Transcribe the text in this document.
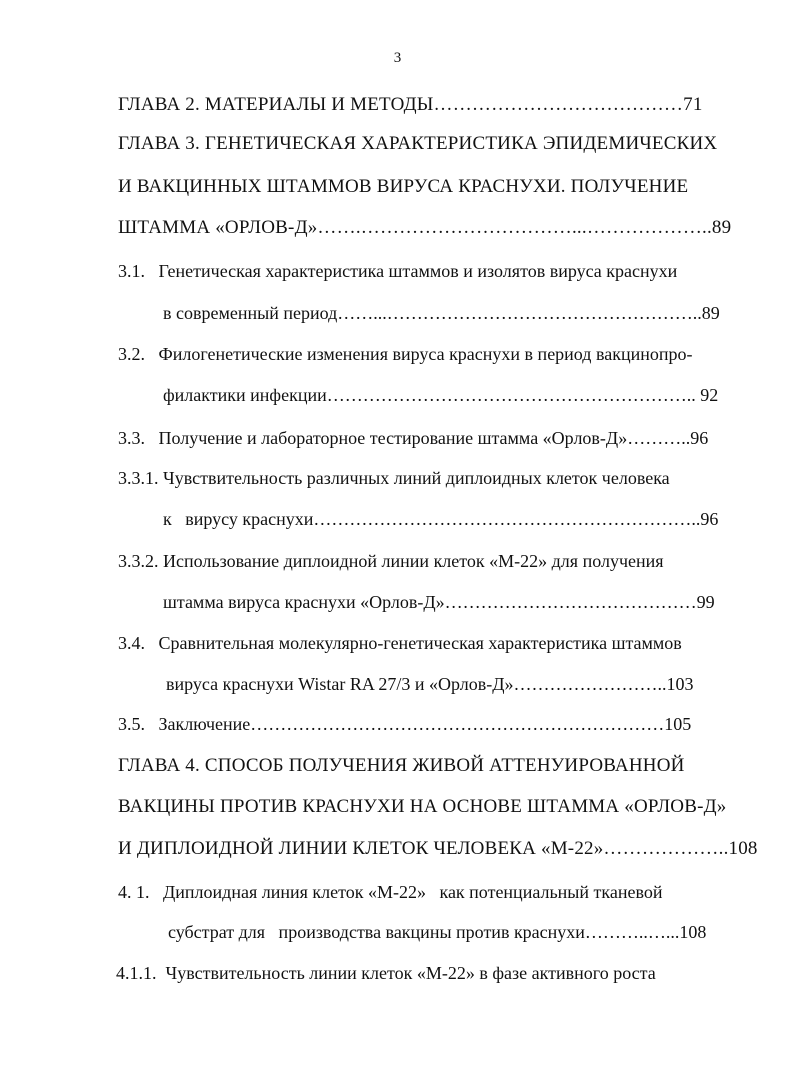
3
ГЛАВА 2. МАТЕРИАЛЫ И МЕТОДЫ…………………………………71
ГЛАВА 3. ГЕНЕТИЧЕСКАЯ ХАРАКТЕРИСТИКА ЭПИДЕМИЧЕСКИХ
И ВАКЦИННЫХ ШТАММОВ ВИРУСА КРАСНУХИ. ПОЛУЧЕНИЕ
ШТАММА «ОРЛОВ-Д»…….……………………………...………………..89
3.1.   Генетическая характеристика штаммов и изолятов вируса краснухи
в современный период……...……………………………………………..89
3.2.   Филогенетические изменения вируса краснухи в период вакцинопро-
филактики инфекции…………………………………………………….. 92
3.3.   Получение и лабораторное тестирование штамма «Орлов-Д»………..96
3.3.1. Чувствительность различных линий диплоидных клеток человека
к   вирусу краснухи………………………………………………………..96
3.3.2. Использование диплоидной линии клеток «М-22» для получения
штамма вируса краснухи «Орлов-Д»……………………………………99
3.4.   Сравнительная молекулярно-генетическая характеристика штаммов
вируса краснухи Wistar RA 27/3 и «Орлов-Д»……………………..103
3.5.   Заключение……………………………………………………………105
ГЛАВА 4. СПОСОБ ПОЛУЧЕНИЯ ЖИВОЙ АТТЕНУИРОВАННОЙ
ВАКЦИНЫ ПРОТИВ КРАСНУХИ НА ОСНОВЕ ШТАММА «ОРЛОВ-Д»
И ДИПЛОИДНОЙ ЛИНИИ КЛЕТОК ЧЕЛОВЕКА «М-22»………………..108
4. 1.   Диплоидная линия клеток «М-22»   как потенциальный тканевой
субстрат для   производства вакцины против краснухи………..…...108
4.1.1.  Чувствительность линии клеток «М-22» в фазе активного роста
